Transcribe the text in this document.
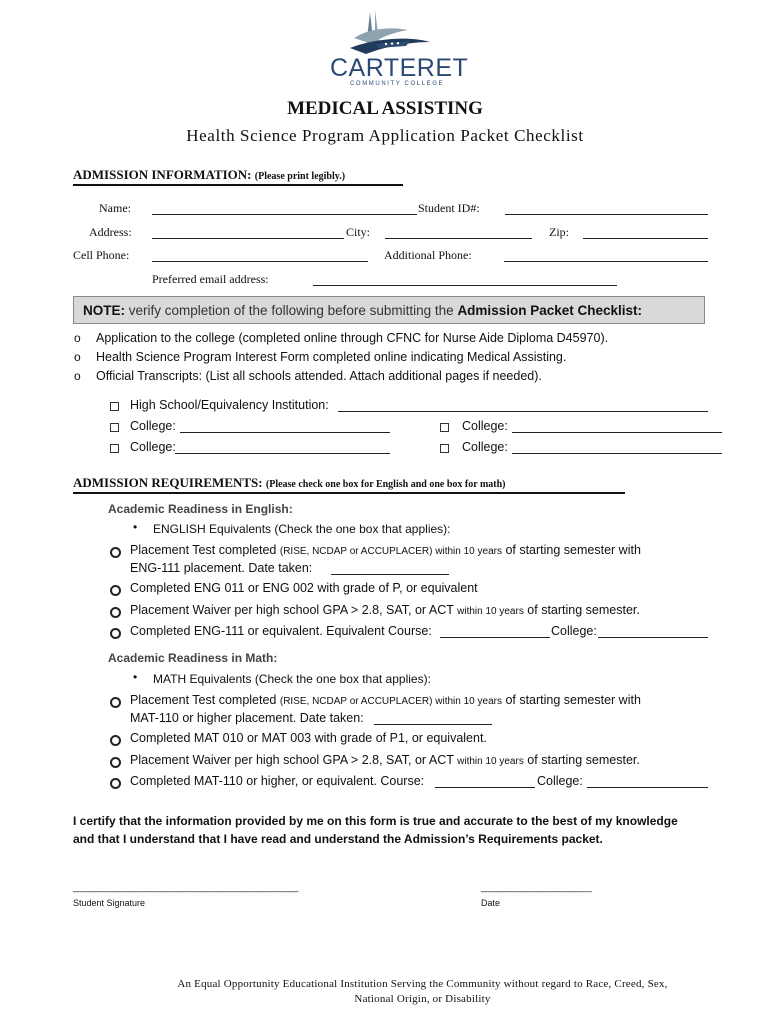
CARTERET
COMMUNITY COLLEGE
MEDICAL ASSISTING
Health Science Program Application Packet Checklist
ADMISSION INFORMATION: (Please print legibly.)
Name:	Student ID#:
Address:	City:	Zip:
Cell Phone:	Additional Phone:
Preferred email address:
NOTE: verify completion of the following before submitting the Admission Packet Checklist:
o Application to the college (completed online through CFNC for Nurse Aide Diploma D45970).
o Health Science Program Interest Form completed online indicating Medical Assisting.
o Official Transcripts: (List all schools attended. Attach additional pages if needed).
High School/Equivalency Institution:
College:	College:
College:	College:
ADMISSION REQUIREMENTS: (Please check one box for English and one box for math)
Academic Readiness in English:
• ENGLISH Equivalents (Check the one box that applies):
Placement Test completed (RISE, NCDAP or ACCUPLACER) within 10 years of starting semester with
ENG-111 placement. Date taken:
Completed ENG 011 or ENG 002 with grade of P, or equivalent
Placement Waiver per high school GPA > 2.8, SAT, or ACT within 10 years of starting semester.
Completed ENG-111 or equivalent. Equivalent Course:	College:
Academic Readiness in Math:
• MATH Equivalents (Check the one box that applies):
Placement Test completed (RISE, NCDAP or ACCUPLACER) within 10 years of starting semester with
MAT-110 or higher placement. Date taken:
Completed MAT 010 or MAT 003 with grade of P1, or equivalent.
Placement Waiver per high school GPA > 2.8, SAT, or ACT within 10 years of starting semester.
Completed MAT-110 or higher, or equivalent. Course:	College:
I certify that the information provided by me on this form is true and accurate to the best of my knowledge
and that I understand that I have read and understand the Admission’s Requirements packet.
___________________________________________________
Student Signature
_________________________
Date
An Equal Opportunity Educational Institution Serving the Community without regard to Race, Creed, Sex,
National Origin, or Disability
